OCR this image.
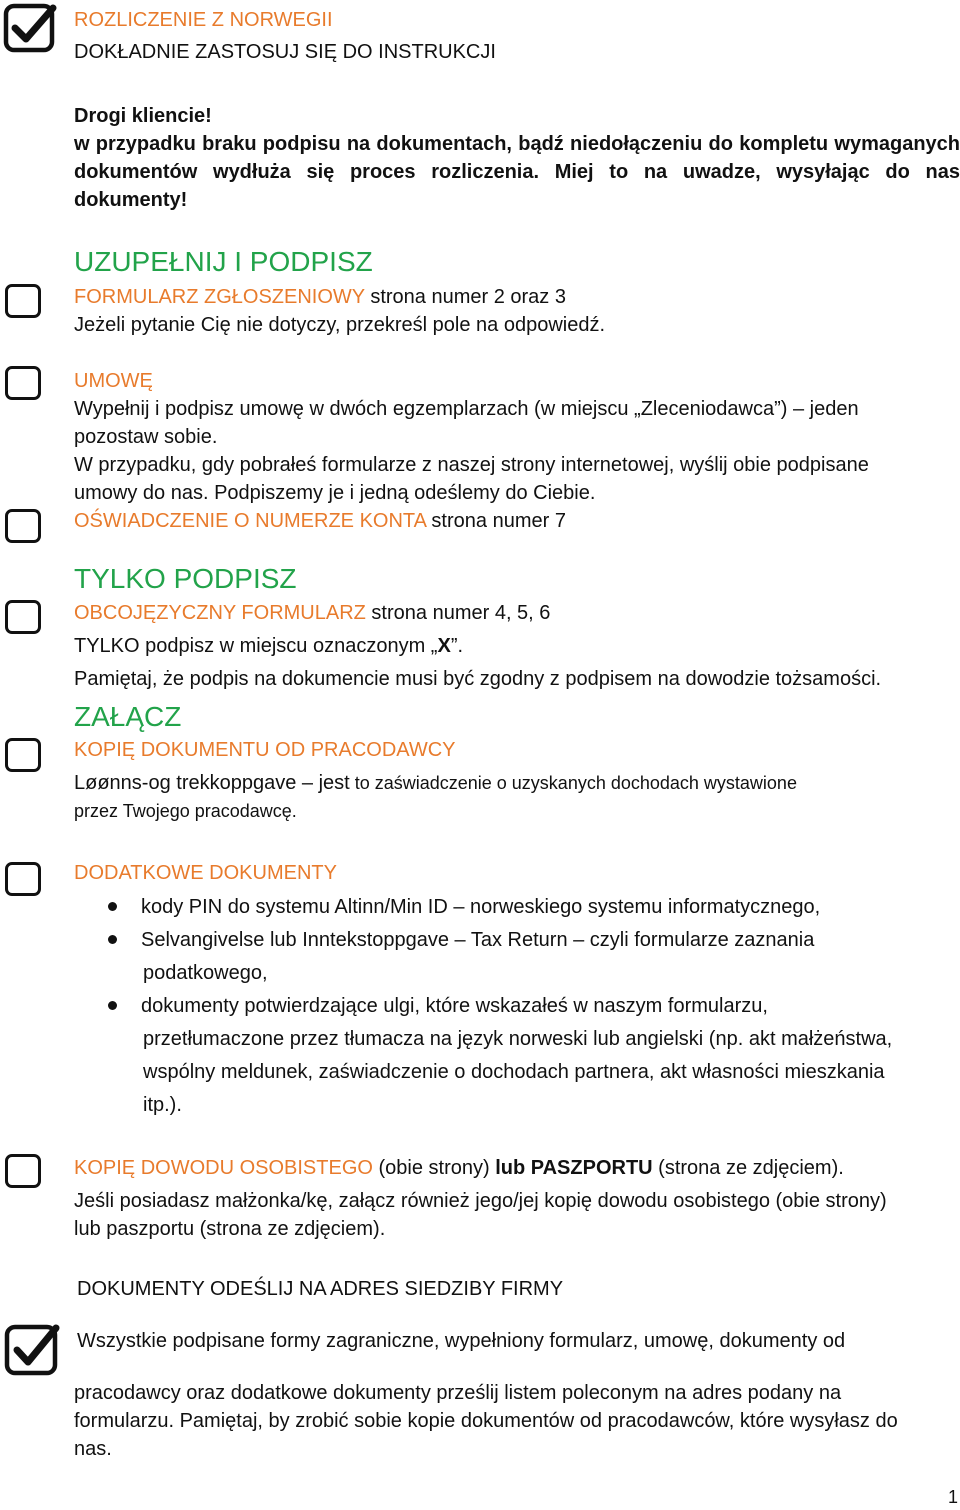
ROZLICZENIE Z NORWEGII
DOKŁADNIE ZASTOSUJ SIĘ DO INSTRUKCJI
Drogi kliencie!
w przypadku braku podpisu na dokumentach, bądź niedołączeniu do kompletu wymaganych
dokumentów wydłuża się proces rozliczenia. Miej to na uwadze, wysyłając do nas
dokumenty!
UZUPEŁNIJ I PODPISZ
FORMULARZ ZGŁOSZENIOWY strona numer 2 oraz 3
Jeżeli pytanie Cię nie dotyczy, przekreśl pole na odpowiedź.
UMOWĘ
Wypełnij i podpisz umowę w dwóch egzemplarzach (w miejscu „Zleceniodawca”) – jeden
pozostaw sobie.
W przypadku, gdy pobrałeś formularze z naszej strony internetowej, wyślij obie podpisane
umowy do nas. Podpiszemy je i jedną odeślemy do Ciebie.
OŚWIADCZENIE O NUMERZE KONTA strona numer 7
TYLKO PODPISZ
OBCOJĘZYCZNY FORMULARZ strona numer 4, 5, 6
TYLKO podpisz w miejscu oznaczonym „X”.
Pamiętaj, że podpis na dokumencie musi być zgodny z podpisem na dowodzie tożsamości.
ZAŁĄCZ
KOPIĘ DOKUMENTU OD PRACODAWCY
Løønns-og trekkoppgave – jest to zaświadczenie o uzyskanych dochodach wystawione
przez Twojego pracodawcę.
DODATKOWE DOKUMENTY
kody PIN do systemu Altinn/Min ID – norweskiego systemu informatycznego,
Selvangivelse lub Inntekstoppgave – Tax Return – czyli formularze zaznania
podatkowego,
dokumenty potwierdzające ulgi, które wskazałeś w naszym formularzu,
przetłumaczone przez tłumacza na język norweski lub angielski (np. akt małżeństwa,
wspólny meldunek, zaświadczenie o dochodach partnera, akt własności mieszkania
itp.).
KOPIĘ DOWODU OSOBISTEGO (obie strony) lub PASZPORTU (strona ze zdjęciem).
Jeśli posiadasz małżonka/kę, załącz również jego/jej kopię dowodu osobistego (obie strony)
lub paszportu (strona ze zdjęciem).
DOKUMENTY ODEŚLIJ NA ADRES SIEDZIBY FIRMY
Wszystkie podpisane formy zagraniczne, wypełniony formularz, umowę, dokumenty od
pracodawcy oraz dodatkowe dokumenty prześlij listem poleconym na adres podany na
formularzu. Pamiętaj, by zrobić sobie kopie dokumentów od pracodawców, które wysyłasz do
nas.
1
